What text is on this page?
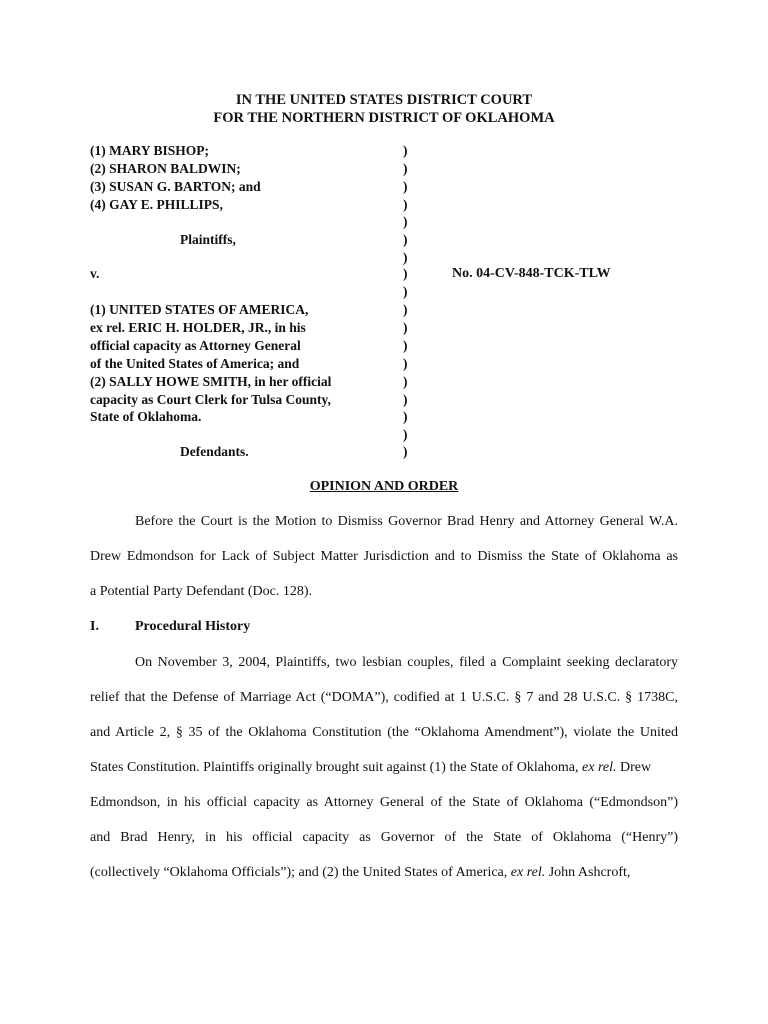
IN THE UNITED STATES DISTRICT COURT
FOR THE NORTHERN DISTRICT OF OKLAHOMA
(1) MARY BISHOP;
(2) SHARON BALDWIN;
(3) SUSAN G. BARTON; and
(4) GAY E. PHILLIPS,
Plaintiffs,
v.
(1) UNITED STATES OF AMERICA,
ex rel. ERIC H. HOLDER, JR., in his
official capacity as Attorney General
of the United States of America; and
(2) SALLY HOWE SMITH, in her official
capacity as Court Clerk for Tulsa County,
State of Oklahoma.
Defendants.
)
)
)
)
)
)
)
)
)
)
)
)
)
)
)
)
)
)
No. 04-CV-848-TCK-TLW
OPINION AND ORDER
Before the Court is the Motion to Dismiss Governor Brad Henry and Attorney General W.A.
Drew Edmondson for Lack of Subject Matter Jurisdiction and to Dismiss the State of Oklahoma as
a Potential Party Defendant (Doc. 128).
I.	Procedural History
On November 3, 2004, Plaintiffs, two lesbian couples, filed a Complaint seeking declaratory
relief that the Defense of Marriage Act (“DOMA”), codified at 1 U.S.C. § 7 and 28 U.S.C. § 1738C,
and Article 2, § 35 of the Oklahoma Constitution (the “Oklahoma Amendment”), violate the United
States Constitution. Plaintiffs originally brought suit against (1) the State of Oklahoma, ex rel. Drew
Edmondson, in his official capacity as Attorney General of the State of Oklahoma (“Edmondson”)
and Brad Henry, in his official capacity as Governor of the State of Oklahoma (“Henry”)
(collectively “Oklahoma Officials”); and (2) the United States of America, ex rel. John Ashcroft,
